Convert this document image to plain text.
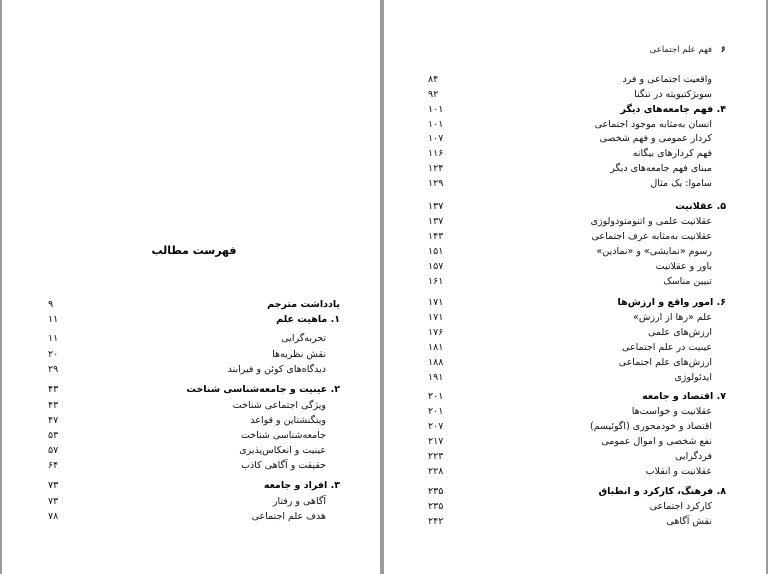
فهرست مطالب
یادداشت مترجم
۹
۱. ماهیت علم
۱۱
تجربه‌گرایی
۱۱
نقش نظریه‌ها
۲۰
دیدگاه‌های کوئن و فیرابند
۲۹
۲. عینیت و جامعه‌شناسی شناخت
۴۳
ویژگی اجتماعی شناخت
۴۳
ویتگنشتاین و قواعد
۴۷
جامعه‌شناسی شناخت
۵۳
عینیت و انعکاس‌پذیری
۵۷
حقیقت و آگاهی کاذب
۶۴
۳. افراد و جامعه
۷۳
آگاهی و رفتار
۷۳
هدف علم اجتماعی
۷۸
۶ فهم علم اجتماعی
واقعیت اجتماعی و فرد
۸۴
سوبژکتیویته در تنگنا
۹۲
۴. فهم جامعه‌های دیگر
۱۰۱
انسان به‌مثابه موجود اجتماعی
۱۰۱
کردار عمومی و فهم شخصی
۱۰۷
فهم کردارهای بیگانه
۱۱۶
مبنای فهم جامعه‌های دیگر
۱۲۴
ساموا: یک مثال
۱۲۹
۵. عقلانیت
۱۳۷
عقلانیت علمی و اتنومتودولوژی
۱۳۷
عقلانیت به‌مثابه عرف اجتماعی
۱۴۳
رسوم «نمایشی» و «نمادین»
۱۵۱
باور و عقلانیت
۱۵۷
تبیین مناسک
۱۶۱
۶. امور واقع و ارزش‌ها
۱۷۱
علم «رها از ارزش»
۱۷۱
ارزش‌های علمی
۱۷۶
عینیت در علم اجتماعی
۱۸۱
ارزش‌های علم اجتماعی
۱۸۸
ایدئولوژی
۱۹۱
۷. اقتصاد و جامعه
۲۰۱
عقلانیت و خواست‌ها
۲۰۱
اقتصاد و خودمحوری (اگوئیسم)
۲۰۷
نفع شخصی و اموال عمومی
۲۱۷
فردگرایی
۲۲۳
عقلانیت و انقلاب
۲۲۸
۸. فرهنگ، کارکرد و انطباق
۲۳۵
کارکرد اجتماعی
۲۳۵
نقش آگاهی
۲۴۲
